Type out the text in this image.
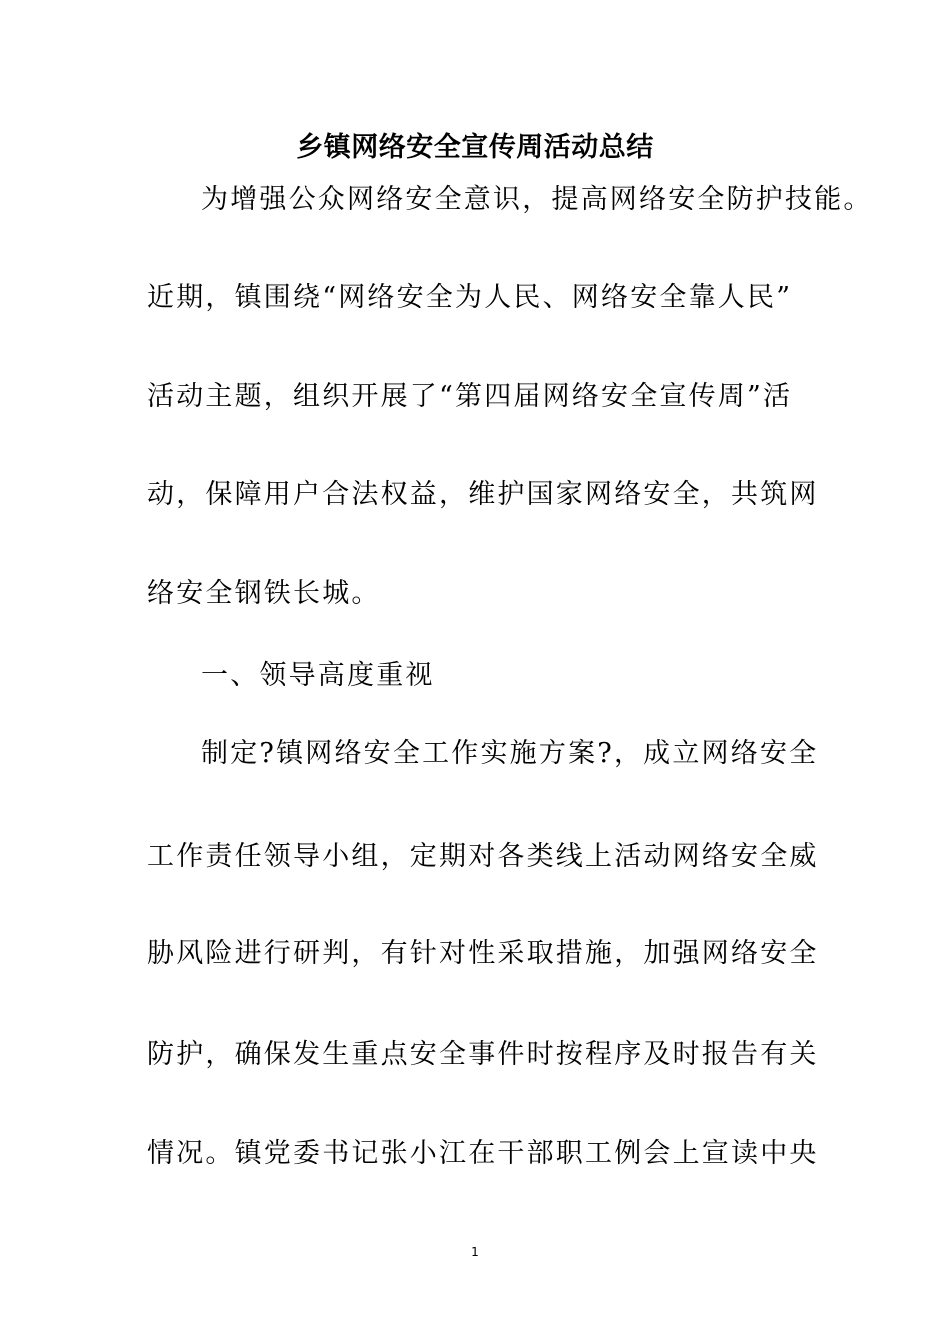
乡镇网络安全宣传周活动总结
为增强公众网络安全意识，提高网络安全防护技能。
近期，镇围绕“网络安全为人民、网络安全靠人民”
活动主题，组织开展了“第四届网络安全宣传周”活
动，保障用户合法权益，维护国家网络安全，共筑网
络安全钢铁长城。
一、领导高度重视
制定?镇网络安全工作实施方案?，成立网络安全
工作责任领导小组，定期对各类线上活动网络安全威
胁风险进行研判，有针对性采取措施，加强网络安全
防护，确保发生重点安全事件时按程序及时报告有关
情况。镇党委书记张小江在干部职工例会上宣读中央
1
